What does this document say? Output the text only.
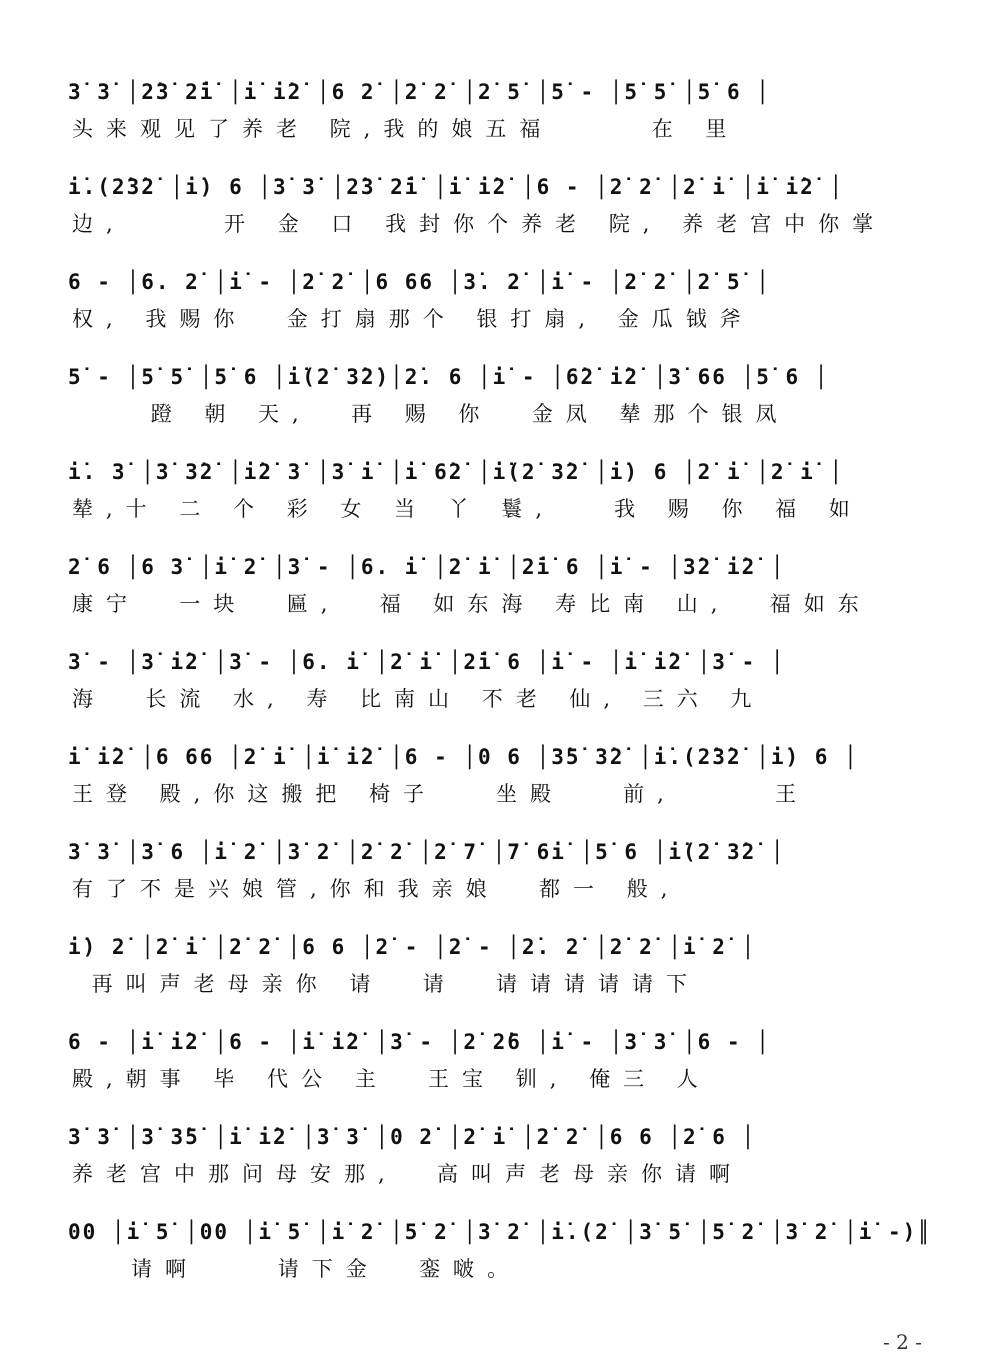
3̇ 3̇ │2̇3̇ 2̇i̇ │i̇ i̇2̇ │6 2̇ │2̇ 2̇ │2̇ 5̇ │5̇ - │5̇ 5̇ │5̇ 6 │
头来观见了养老 院,我的娘五福     在 里
i̇.(2̇3̇2̇ │i̇) 6 │3̇ 3̇ │2̇3̇ 2̇i̇ │i̇ i̇2̇ │6 - │2̇ 2̇ │2̇ i̇ │i̇ i̇2̇ │
边,     开 金 口 我封你个养老 院, 养老宫中你掌
6 - │6. 2̇ │i̇ - │2̇ 2̇ │6 66 │3̇. 2̇ │i̇ - │2̇ 2̇ │2̇ 5̇ │
权, 我赐你  金打扇那个 银打扇, 金瓜钺斧
5̇ - │5̇ 5̇ │5̇ 6 │i̇(2̇ 3̇2̇)│2̇. 6 │i̇ - │6̇2̇ i̇2̇ │3̇ 66 │5̇ 6 │
蹬 朝 天,  再 赐 你  金凤 辇那个银凤
i̇. 3̇ │3̇ 3̇2̇ │i̇2̇ 3̇ │3̇ i̇ │i̇ 6̇2̇ │i̇(2̇ 3̇2̇ │i̇) 6 │2̇ i̇ │2̇ i̇ │
辇,十 二 个 彩 女 当 丫 鬟,   我 赐 你 福 如
2̇ 6 │6 3̇ │i̇ 2̇ │3̇ - │6. i̇ │2̇ i̇ │2̇i̇ 6 │i̇ - │3̇2̇ i̇2̇ │
康宁  一块  匾,  福 如东海 寿比南 山,  福如东
3̇ - │3̇ i̇2̇ │3̇ - │6. i̇ │2̇ i̇ │2̇i̇ 6 │i̇ - │i̇ i̇2̇ │3̇ - │
海  长流 水, 寿 比南山 不老 仙, 三六 九
i̇ i̇2̇ │6 66 │2̇ i̇ │i̇ i̇2̇ │6 - │0 6 │3̇5̇ 3̇2̇ │i̇.(2̇3̇2̇ │i̇) 6 │
王登 殿,你这搬把 椅子   坐殿   前,     王
3̇ 3̇ │3̇ 6 │i̇ 2̇ │3̇ 2̇ │2̇ 2̇ │2̇ 7̇ │7̇ 6i̇ │5̇ 6 │i̇(2̇ 3̇2̇ │
有了不是兴娘管,你和我亲娘  都一 般,
i̇) 2̇ │2̇ i̇ │2̇ 2̇ │6 6 │2̇ - │2̇ - │2̇. 2̇ │2̇ 2̇ │i̇ 2̇ │
再叫声老母亲你 请  请  请请请请请下
6 - │i̇ i̇2̇ │6 - │i̇ i̇2̇ │3̇ - │2̇ 2̇6 │i̇ - │3̇ 3̇ │6 - │
殿,朝事 毕 代公 主  王宝 钏, 俺三 人
3̇ 3̇ │3̇ 3̇5̇ │i̇ i̇2̇ │3̇ 3̇ │0 2̇ │2̇ i̇ │2̇ 2̇ │6 6 │2̇ 6 │
养老宫中那问母安那,  高叫声老母亲你请啊
00 │i̇ 5̇ │00 │i̇ 5̇ │i̇ 2̇ │5̇ 2̇ │3̇ 2̇ │i̇.(2̇ │3̇ 5̇ │5̇ 2̇ │3̇ 2̇ │i̇ -)║
请啊    请下金  銮啵。
- 2 -
